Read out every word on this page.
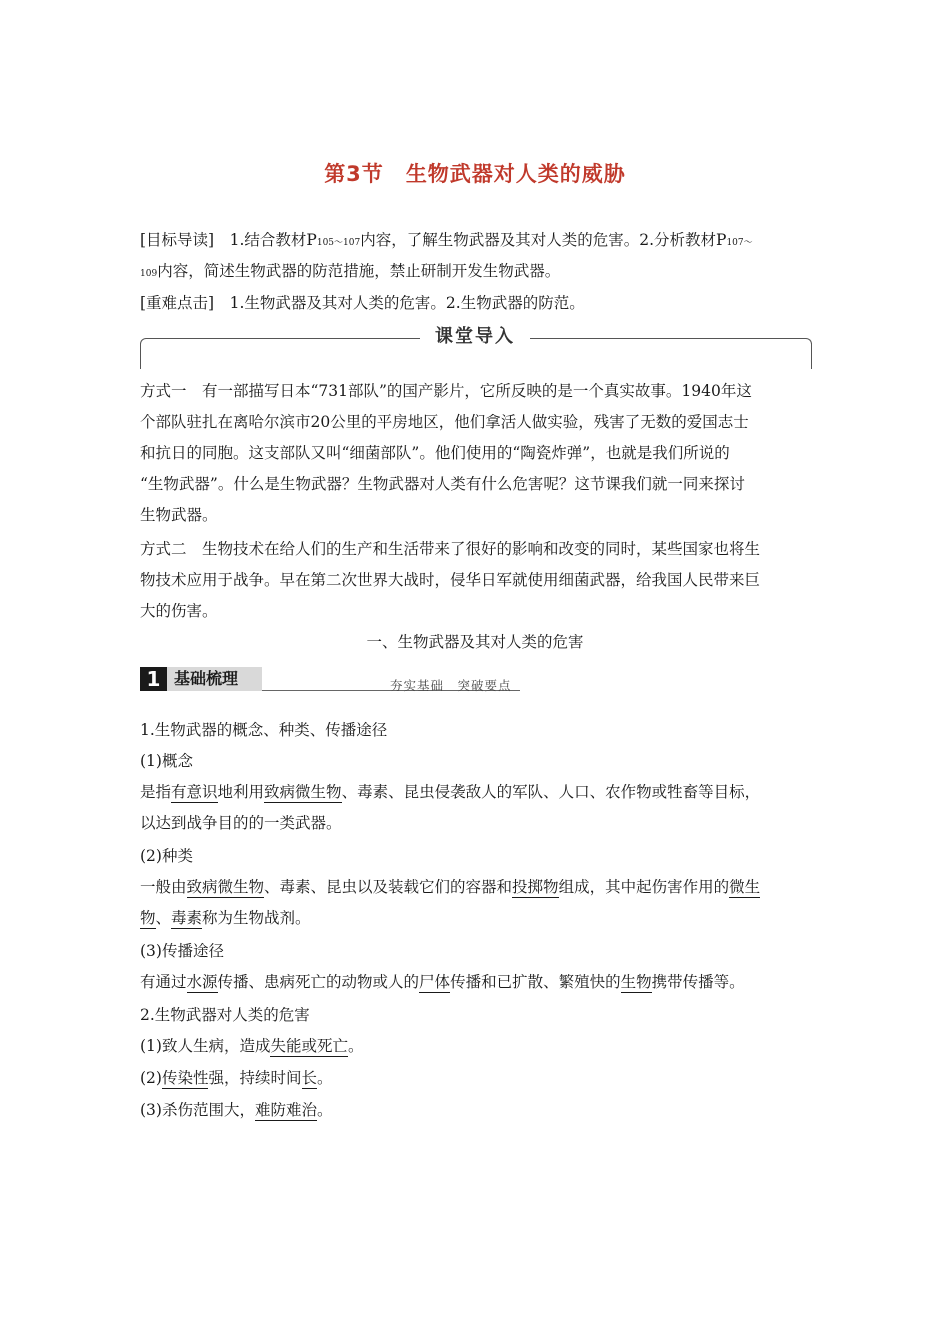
第3节 生物武器对人类的威胁
[目标导读]　 1.结合教材P105～107内容，了解生物武器及其对人类的危害。2.分析教材P107～
109内容，简述生物武器的防范措施，禁止研制开发生物武器。
[重难点击]　 1.生物武器及其对人类的危害。2.生物武器的防范。
课堂导入
方式一　有一部描写日本“731部队”的国产影片，它所反映的是一个真实故事。1940年这
个部队驻扎在离哈尔滨市20公里的平房地区，他们拿活人做实验，残害了无数的爱国志士
和抗日的同胞。这支部队又叫“细菌部队”。他们使用的“陶瓷炸弹”，也就是我们所说的
“生物武器”。什么是生物武器？生物武器对人类有什么危害呢？这节课我们就一同来探讨
生物武器。
方式二　生物技术在给人们的生产和生活带来了很好的影响和改变的同时，某些国家也将生
物技术应用于战争。早在第二次世界大战时，侵华日军就使用细菌武器，给我国人民带来巨
大的伤害。
一、生物武器及其对人类的危害
1 基础梳理	夯实基础　突破要点
1.生物武器的概念、种类、传播途径
(1)概念
是指有意识地利用致病微生物、毒素、昆虫侵袭敌人的军队、人口、农作物或牲畜等目标，
以达到战争目的的一类武器。
(2)种类
一般由致病微生物、毒素、昆虫以及装载它们的容器和投掷物组成，其中起伤害作用的微生
物、毒素称为生物战剂。
(3)传播途径
有通过水源传播、患病死亡的动物或人的尸体传播和已扩散、繁殖快的生物携带传播等。
2.生物武器对人类的危害
(1)致人生病，造成失能或死亡。
(2)传染性强，持续时间长。
(3)杀伤范围大，难防难治。
